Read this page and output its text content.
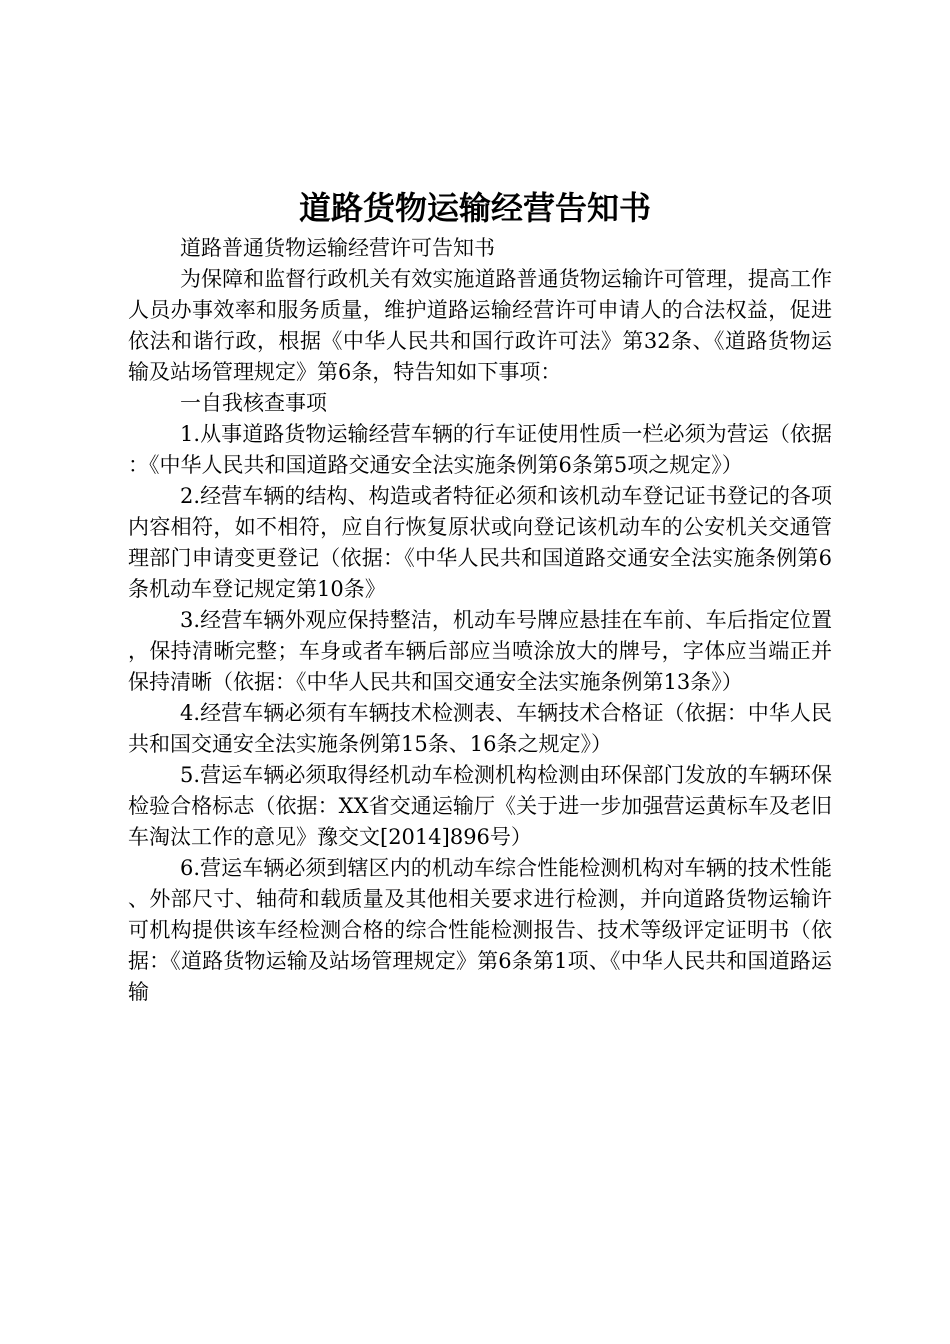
道路货物运输经营告知书

道路普通货物运输经营许可告知书

为保障和监督行政机关有效实施道路普通货物运输许可管理，提高工作人员办事效率和服务质量，维护道路运输经营许可申请人的合法权益，促进依法和谐行政，根据《中华人民共和国行政许可法》第32条、《道路货物运输及站场管理规定》第6条，特告知如下事项：

一自我核查事项

1.从事道路货物运输经营车辆的行车证使用性质一栏必须为营运（依据：《中华人民共和国道路交通安全法实施条例第6条第5项之规定》）

2.经营车辆的结构、构造或者特征必须和该机动车登记证书登记的各项内容相符，如不相符，应自行恢复原状或向登记该机动车的公安机关交通管理部门申请变更登记（依据：《中华人民共和国道路交通安全法实施条例第6条机动车登记规定第10条》

3.经营车辆外观应保持整洁，机动车号牌应悬挂在车前、车后指定位置，保持清晰完整；车身或者车辆后部应当喷涂放大的牌号，字体应当端正并保持清晰（依据：《中华人民共和国交通安全法实施条例第13条》）

4.经营车辆必须有车辆技术检测表、车辆技术合格证（依据：中华人民共和国交通安全法实施条例第15条、16条之规定》）

5.营运车辆必须取得经机动车检测机构检测由环保部门发放的车辆环保检验合格标志（依据：XX省交通运输厅《关于进一步加强营运黄标车及老旧车淘汰工作的意见》豫交文[2014]896号）

6.营运车辆必须到辖区内的机动车综合性能检测机构对车辆的技术性能、外部尺寸、轴荷和载质量及其他相关要求进行检测，并向道路货物运输许可机构提供该车经检测合格的综合性能检测报告、技术等级评定证明书（依据：《道路货物运输及站场管理规定》第6条第1项、《中华人民共和国道路运输
